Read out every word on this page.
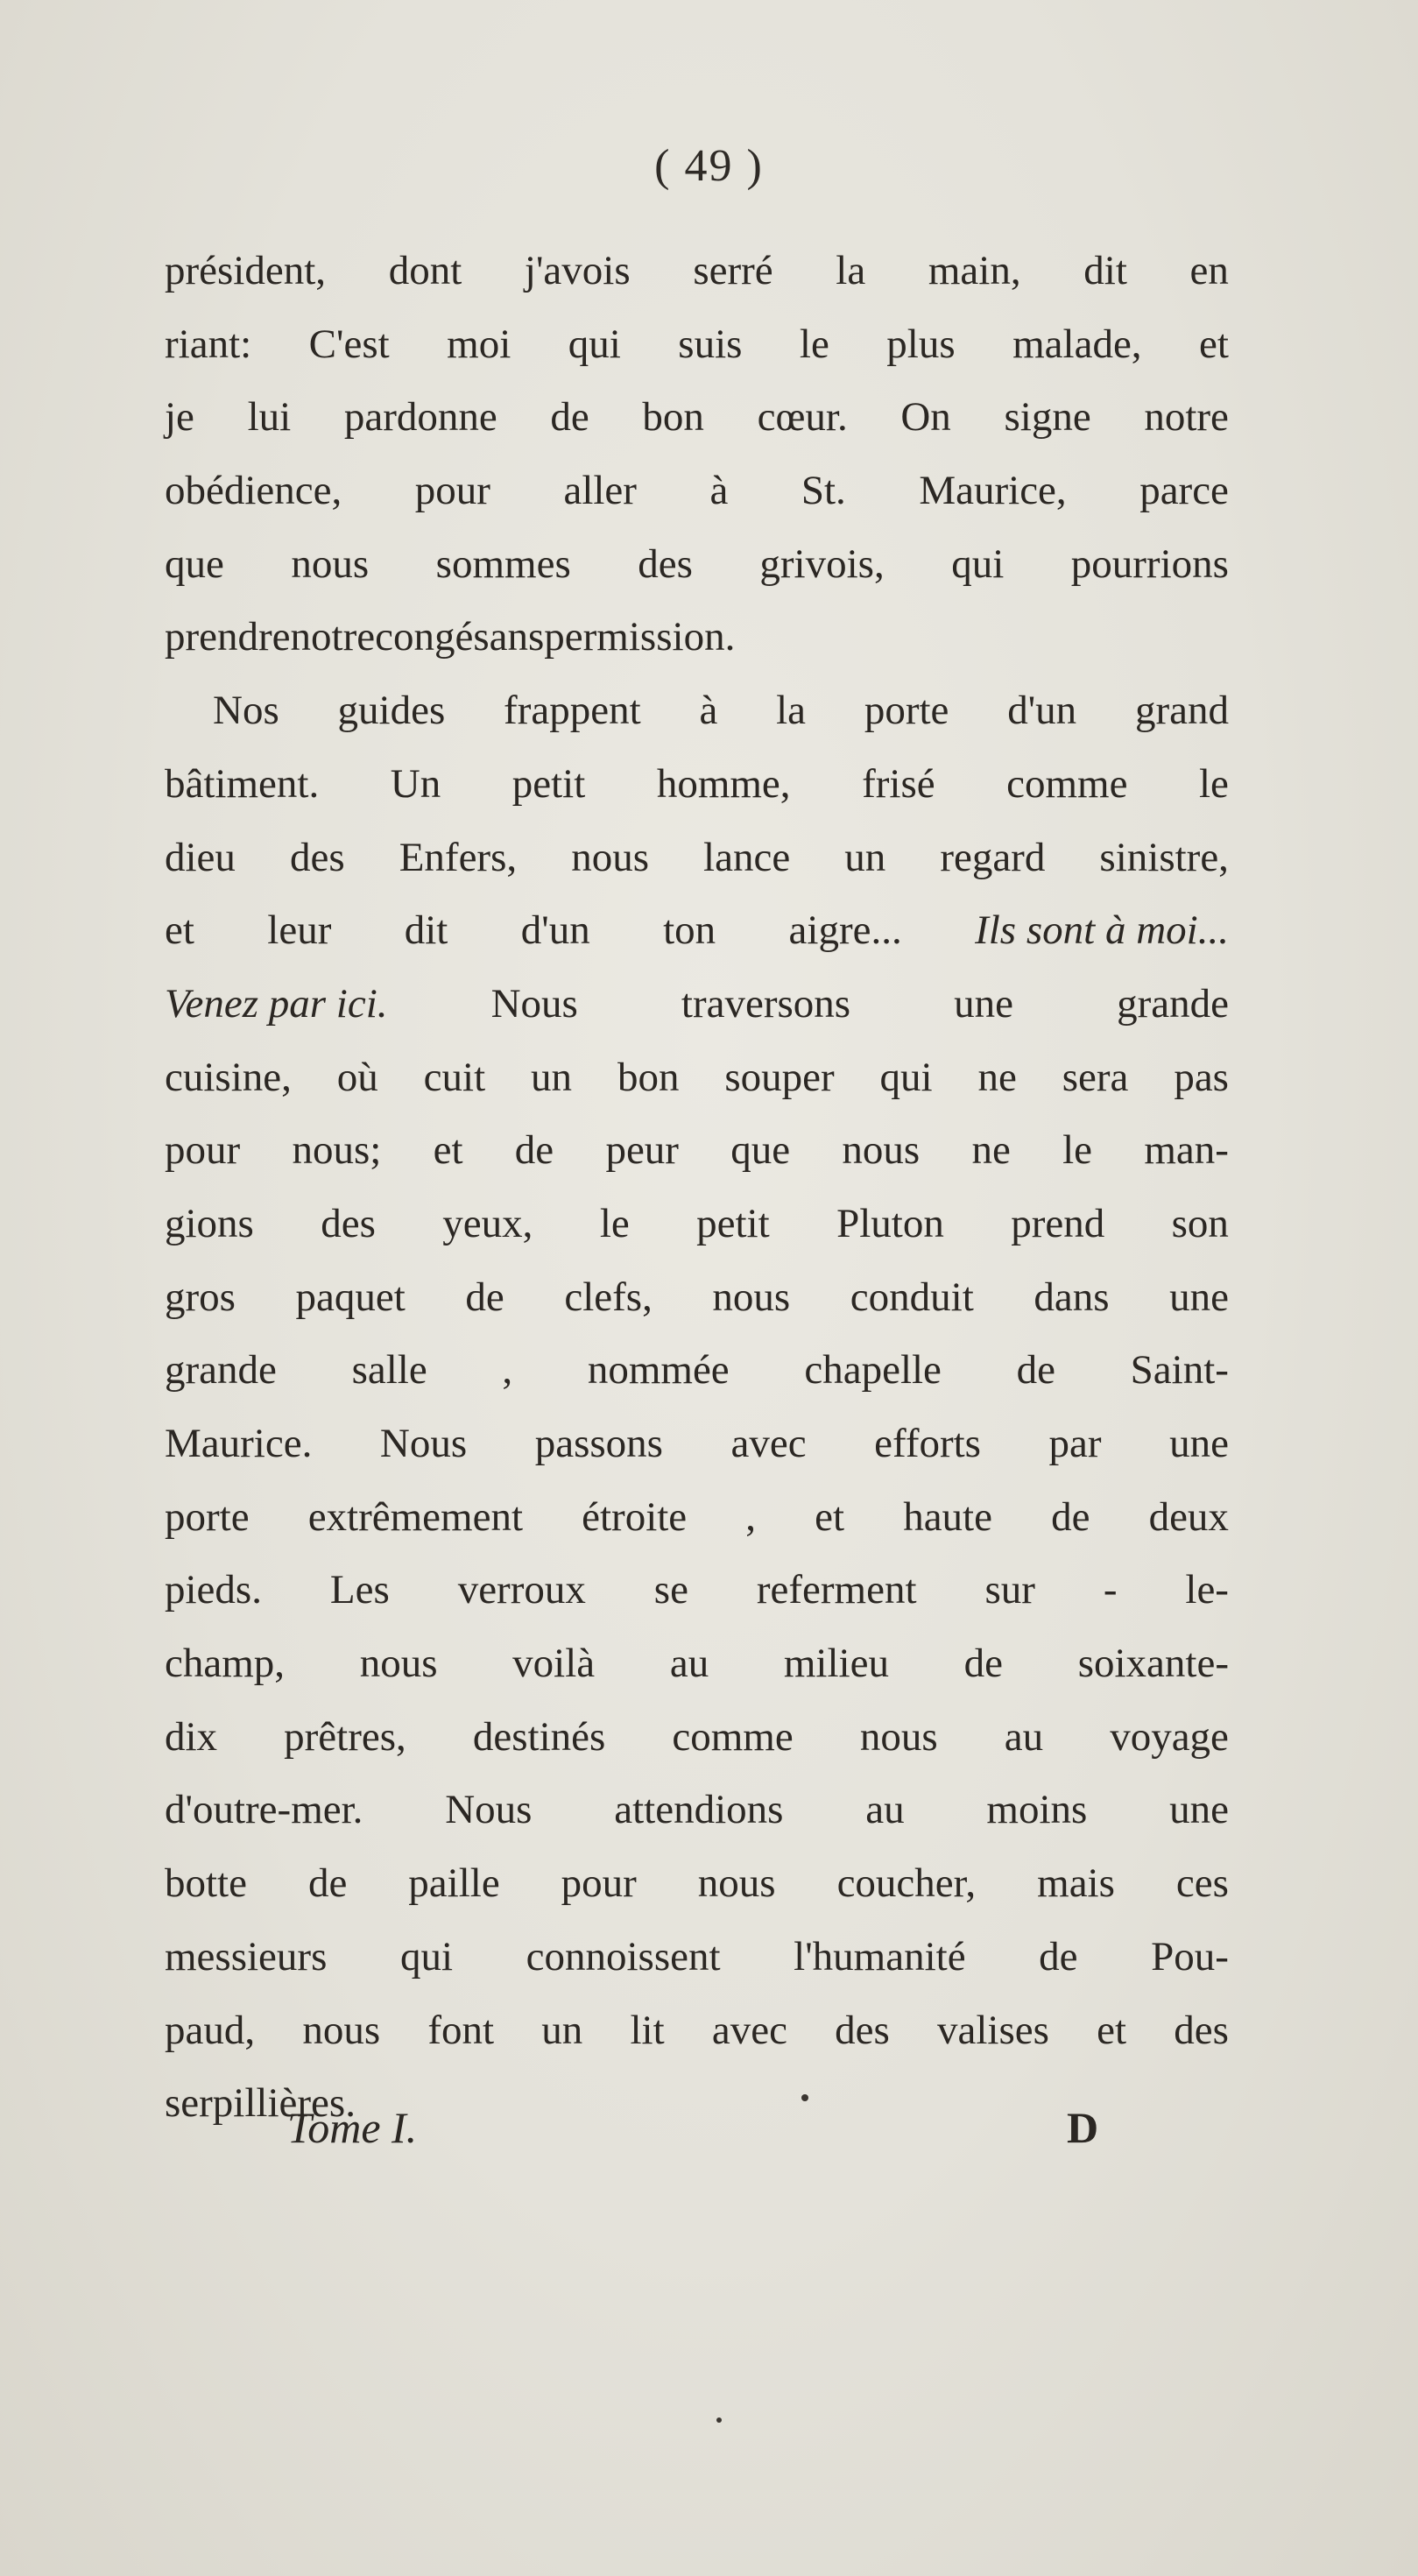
( 49 )
président, dont j'avois serré la main, dit en
riant: C'est moi qui suis le plus malade, et
je lui pardonne de bon cœur. On signe notre
obédience, pour aller à St. Maurice, parce
que nous sommes des grivois, qui pourrions
prendre notre congé sans permission.
Nos guides frappent à la porte d'un grand
bâtiment. Un petit homme, frisé comme le
dieu des Enfers, nous lance un regard sinistre,
et leur dit d'un ton aigre... Ils sont à moi...
Venez par ici.	Nous	traversons	une	grande
cuisine, où cuit un bon souper qui ne sera pas
pour nous; et de peur que nous ne le man-
gions des yeux, le petit Pluton prend son
gros paquet de clefs, nous conduit dans une
grande salle , nommée chapelle de Saint-
Maurice. Nous passons avec efforts par une
porte extrêmement étroite , et haute de deux
pieds. Les verroux se referment sur - le-
champ, nous voilà au milieu de soixante-
dix prêtres, destinés comme nous au voyage
d'outre-mer. Nous attendions au moins une
botte de paille pour nous coucher, mais ces
messieurs qui connoissent l'humanité de Pou-
paud, nous font un lit avec des valises et des
serpillières.
Tome I.	D
